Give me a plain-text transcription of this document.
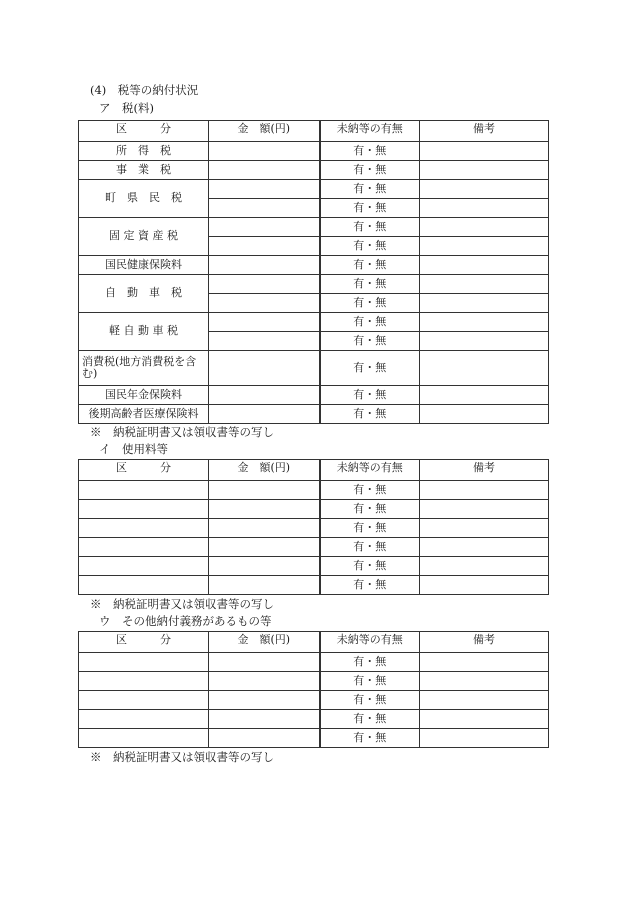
(4)　税等の納付状況
ア　税(料)
区　　　分	金　額(円)	未納等の有無	備考
所　得　税		有・無	
事　業　税		有・無	
町　県　民　税		有・無	
		有・無	
固 定 資 産 税		有・無	
		有・無	
国民健康保険料		有・無	
自　動　車　税		有・無	
		有・無	
軽 自 動 車 税		有・無	
		有・無	
消費税(地方消費税を含む)		有・無	
国民年金保険料		有・無	
後期高齢者医療保険料		有・無	
※　納税証明書又は領収書等の写し
イ　使用料等
区　　　分	金　額(円)	未納等の有無	備考
		有・無	
		有・無	
		有・無	
		有・無	
		有・無	
		有・無	
※　納税証明書又は領収書等の写し
ウ　その他納付義務があるもの等
区　　　分	金　額(円)	未納等の有無	備考
		有・無	
		有・無	
		有・無	
		有・無	
		有・無	
※　納税証明書又は領収書等の写し
